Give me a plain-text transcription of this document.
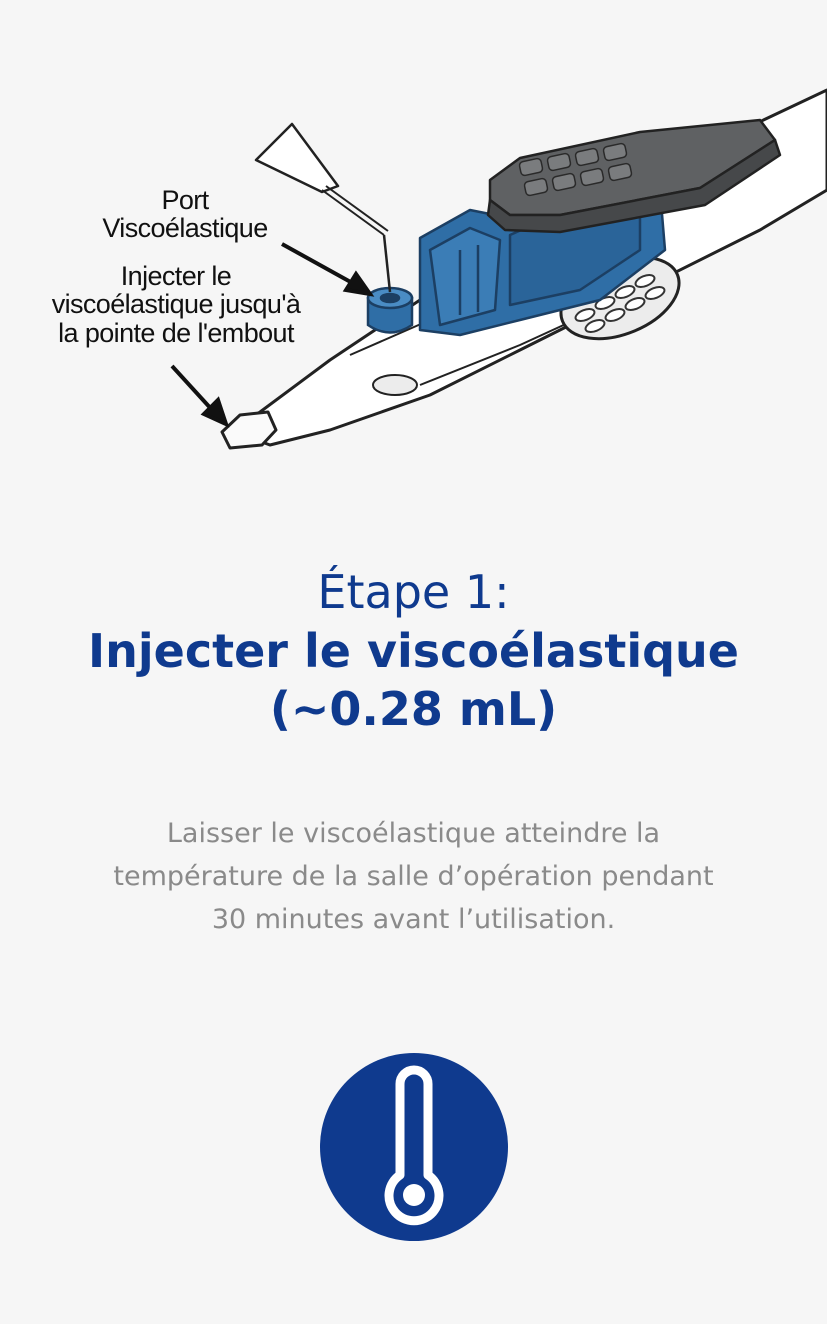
Port
Viscoélastique
Injecter le
viscoélastique jusqu'à
la pointe de l'embout
Étape 1:
Injecter le viscoélastique
(~0.28 mL)
Laisser le viscoélastique atteindre la
température de la salle d’opération pendant
30 minutes avant l’utilisation.
